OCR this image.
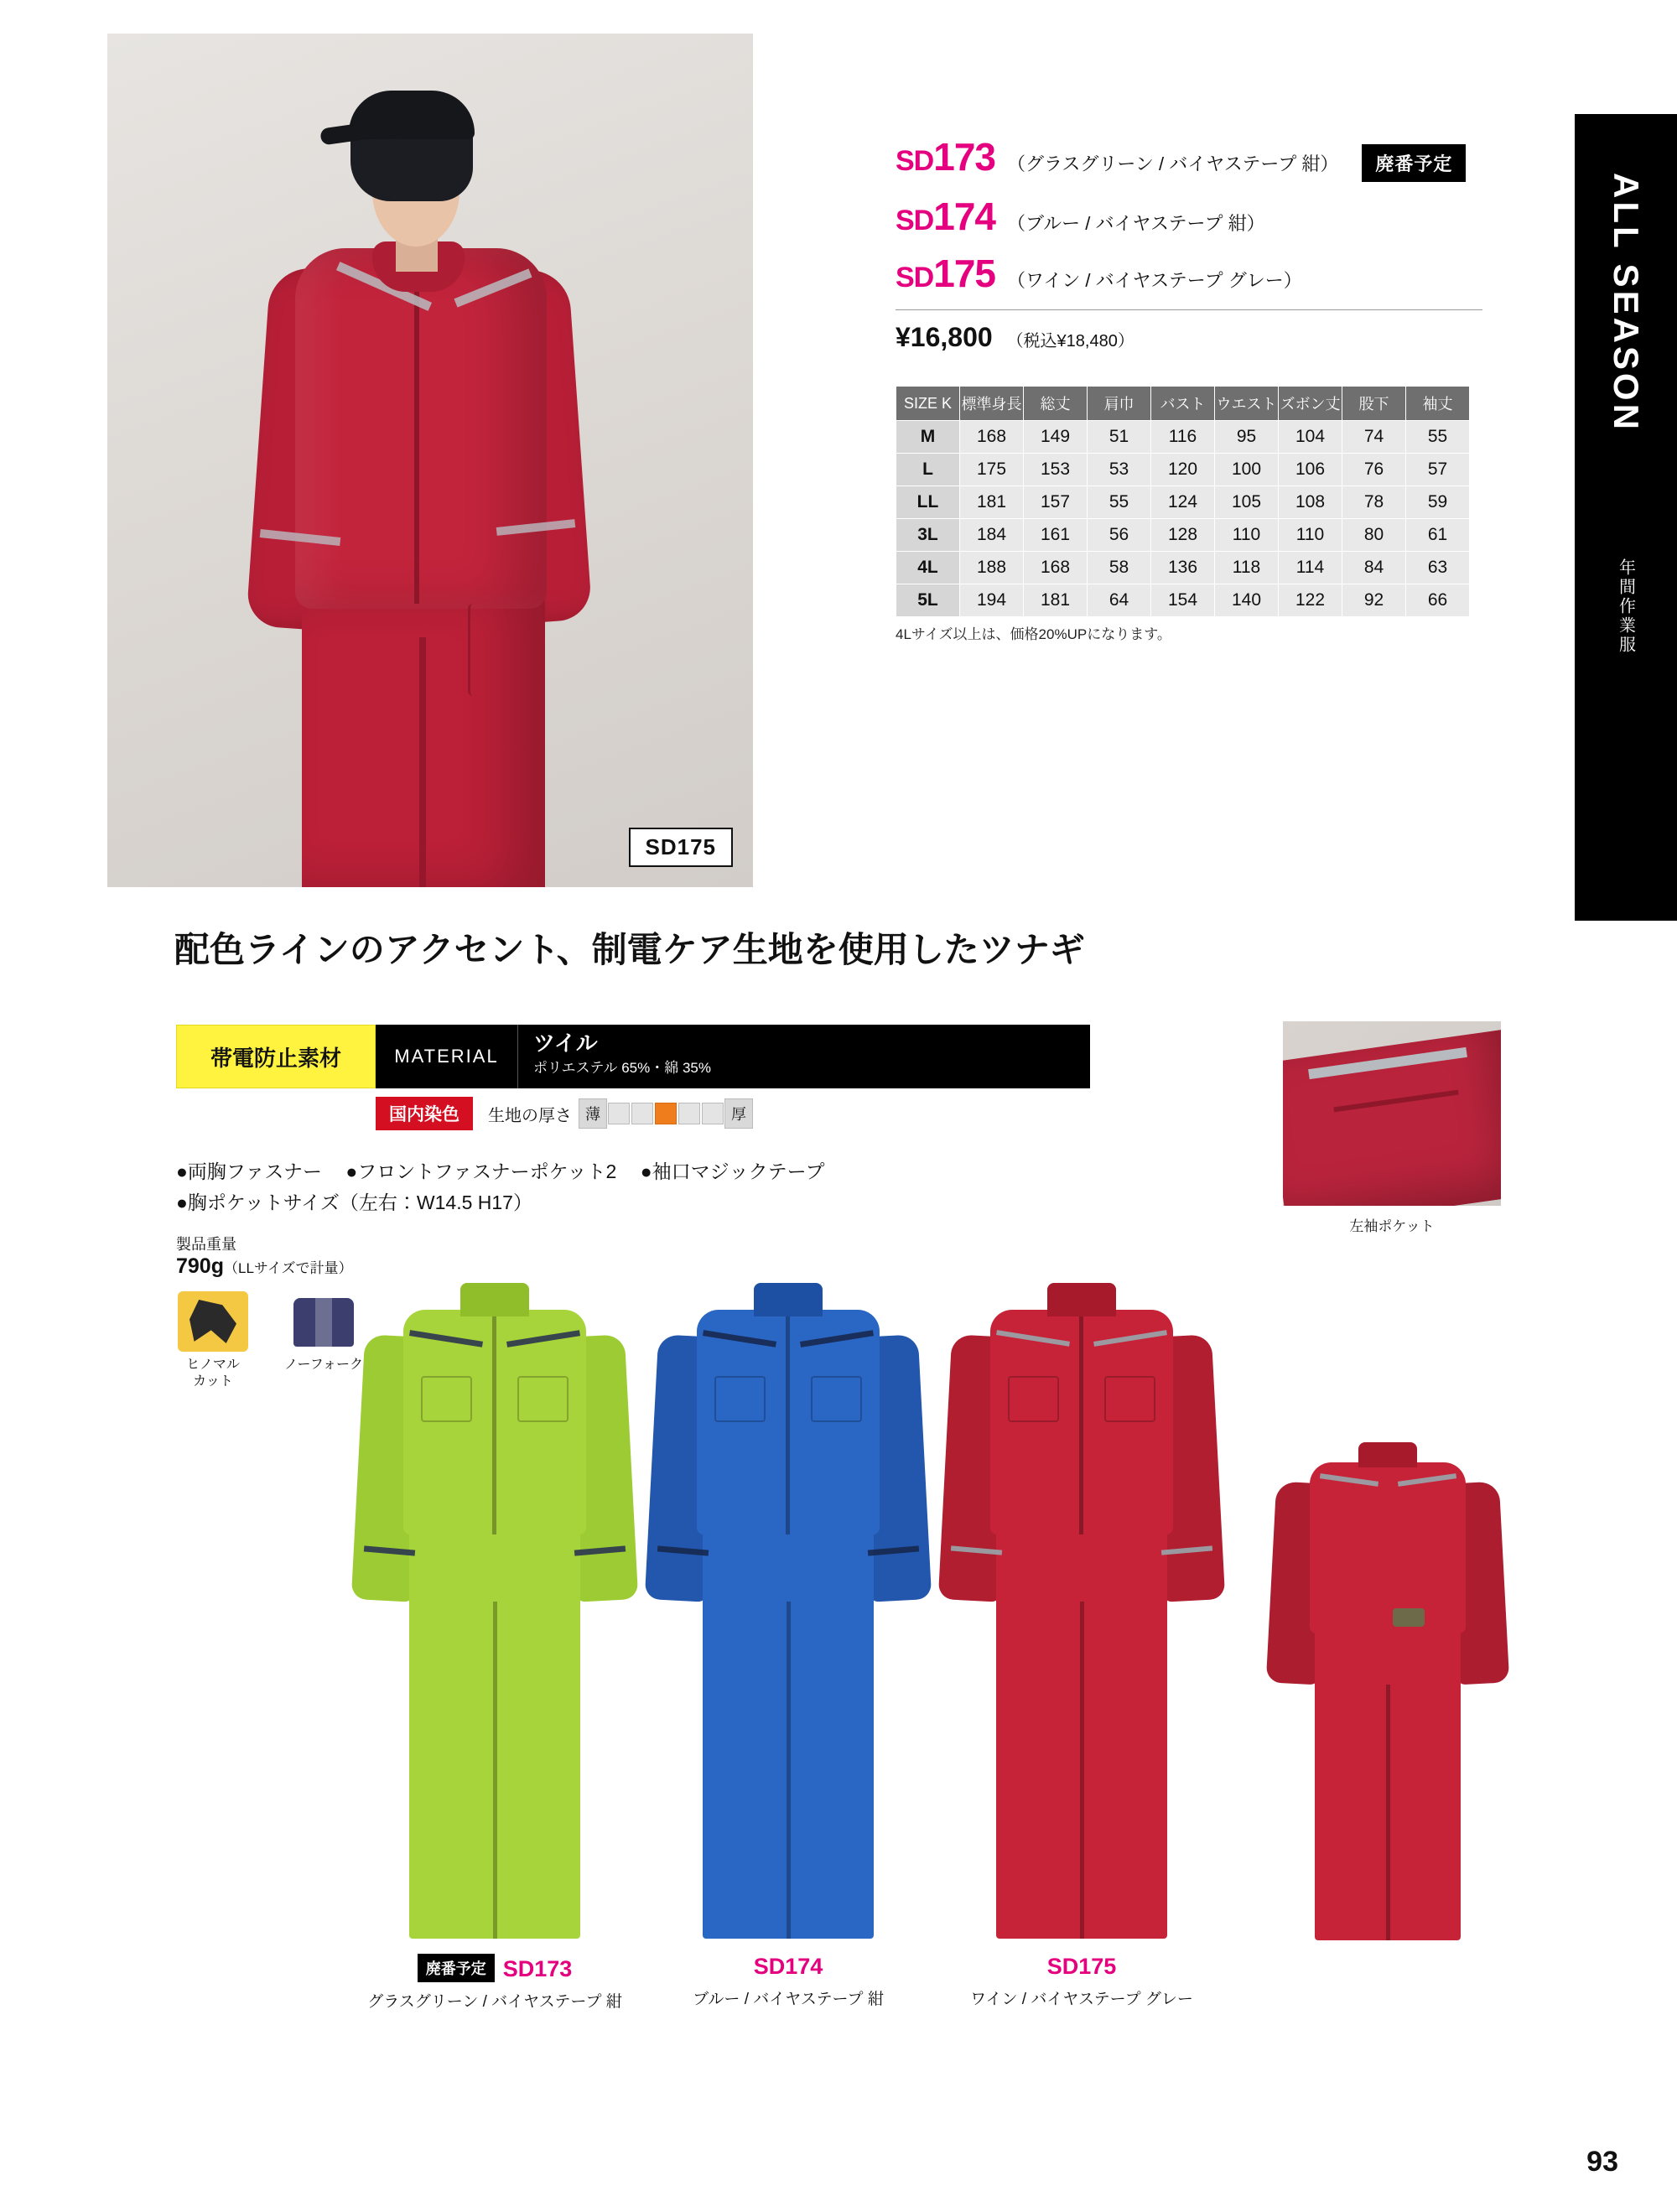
ALL SEASON
年間作業服
SD175
SD173 （グラスグリーン / バイヤステープ 紺）	廃番予定
SD174 （ブルー / バイヤステープ 紺）
SD175 （ワイン / バイヤステープ グレー）
¥16,800 （税込¥18,480）
SIZE K	標準身長	総丈	肩巾	バスト	ウエスト	ズボン丈	股下	袖丈
M	168	149	51	116	95	104	74	55
L	175	153	53	120	100	106	76	57
LL	181	157	55	124	105	108	78	59
3L	184	161	56	128	110	110	80	61
4L	188	168	58	136	118	114	84	63
5L	194	181	64	154	140	122	92	66
4Lサイズ以上は、価格20%UPになります。
配色ラインのアクセント、制電ケア生地を使用したツナギ
帯電防止素材	MATERIAL
ツイル
ポリエステル 65%・綿 35%
国内染色	生地の厚さ 薄	厚
●両胸ファスナー ●フロントファスナーポケット2 ●袖口マジックテープ
●胸ポケットサイズ（左右：W14.5 H17）
製品重量
790g（LLサイズで計量）
ヒノマル
カット
ノーフォーク
左袖ポケット
廃番予定 SD173
グラスグリーン / バイヤステープ 紺
SD174
ブルー / バイヤステープ 紺
SD175
ワイン / バイヤステープ グレー
93
